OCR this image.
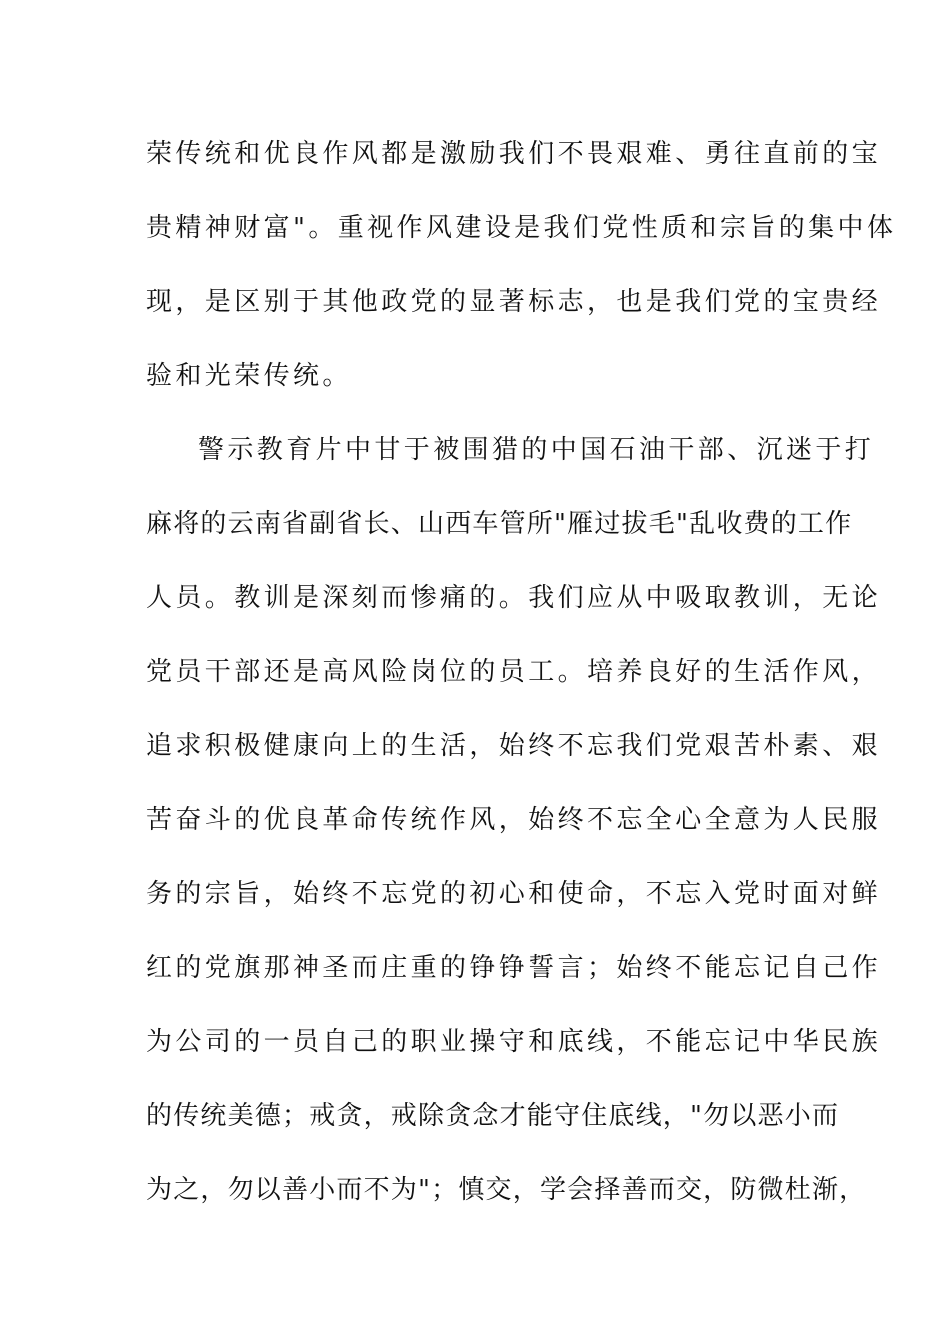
荣传统和优良作风都是激励我们不畏艰难、勇往直前的宝
贵精神财富"。重视作风建设是我们党性质和宗旨的集中体
现，是区别于其他政党的显著标志，也是我们党的宝贵经
验和光荣传统。
警示教育片中甘于被围猎的中国石油干部、沉迷于打
麻将的云南省副省长、山西车管所"雁过拔毛"乱收费的工作
人员。教训是深刻而惨痛的。我们应从中吸取教训，无论
党员干部还是高风险岗位的员工。培养良好的生活作风，
追求积极健康向上的生活，始终不忘我们党艰苦朴素、艰
苦奋斗的优良革命传统作风，始终不忘全心全意为人民服
务的宗旨，始终不忘党的初心和使命，不忘入党时面对鲜
红的党旗那神圣而庄重的铮铮誓言；始终不能忘记自己作
为公司的一员自己的职业操守和底线，不能忘记中华民族
的传统美德；戒贪，戒除贪念才能守住底线，"勿以恶小而
为之，勿以善小而不为"；慎交，学会择善而交，防微杜渐，
